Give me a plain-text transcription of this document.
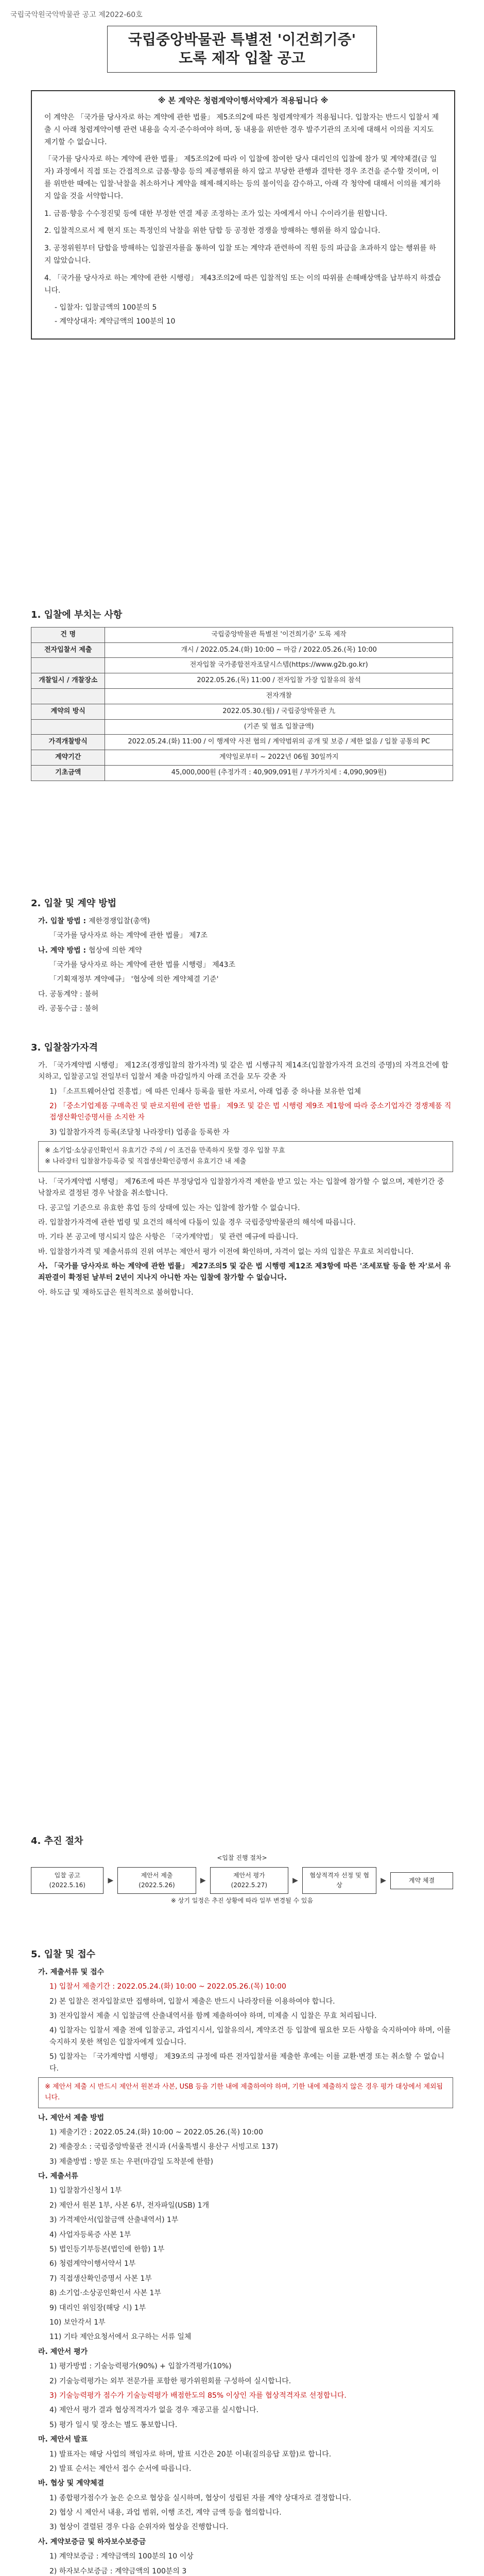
국립국악원국악박물관 공고 제2022-60호

국립중앙박물관 특별전 '이건희기증'

도록 제작 입찰 공고

※ 본 계약은 청렴계약이행서약제가 적용됩니다 ※

이 계약은 「국가를 당사자로 하는 계약에 관한 법률」 제5조의2에 따른 청렴계약제가 적용됩니다. 입찰자는 반드시 입찰서 제출 시 아래 청렴계약이행 관련 내용을 숙지·준수하여야 하며, 동 내용을 위반한 경우 발주기관의 조치에 대해서 이의를 지지도 제기할 수 없습니다.

「국가를 당사자로 하는 계약에 관한 법률」 제5조의2에 따라 이 입찰에 참여한 당사 대리인의 입찰에 참가 및 계약체결(금 일자) 과정에서 직접 또는 간접적으로 금품·향응 등의 제공행위를 하지 않고 부당한 관행과 결탁한 경우 조건을 준수할 것이며, 이를 위반한 때에는 입찰·낙찰을 취소하거나 계약을 해제·해지하는 등의 불이익을 감수하고, 아래 각 청약에 대해서 이의를 제기하지 않을 것을 서약합니다.

1. 금품·향응 수수정진및 등에 대한 부정한 연결 제공 조정하는 조가 있는 자에게서 아니 수이라기를 원합니다.

2. 입찰적으로서 제 현지 또는 특정인의 낙찰을 위한 담합 등 공정한 경쟁을 방해하는 행위를 하지 않습니다.

3. 공정위원부터 담합을 방해하는 입찰권자를을 통하여 입찰 또는 계약과 관련하여 직원 등의 파급을 초과하지 않는 행위를 하지 않았습니다.

4. 「국가를 당사자로 하는 계약에 관한 시행령」 제43조의2에 따른 입찰적임 또는 이의 따위를 손해배상액을 납부하지 하겠습니다.

- 입찰자: 입찰금액의 100분의 5

- 계약상대자: 계약금액의 100분의 10

1. 입찰에 부치는 사항
건 명	국립중앙박물관 특별전 '이건희기증' 도록 제작
전자입찰서 제출	개시 / 2022.05.24.(화) 10:00 ~ 마감 / 2022.05.26.(목) 10:00
	전자입찰 국가종합전자조달시스템(https://www.g2b.go.kr)
개찰일시 / 개찰장소	2022.05.26.(목) 11:00 / 전자입찰 가장 입찰유의 참석
	전자개찰
계약의 방식	2022.05.30.(월) / 국립중앙박물관 九
	(기존 및 협조 입찰금액)
가격개찰방식	2022.05.24.(화) 11:00 / 이 행계약 사전 협의 / 계약범위의 공개 및 보증 / 제한 없음 / 입찰 공통의 PC
계약기간	계약일로부터 ~ 2022년 06월 30일까지
기초금액	45,000,000원 (추정가격 : 40,909,091원 / 부가가치세 : 4,090,909원)
2. 입찰 및 계약 방법

가. 입찰 방법 : 제한경쟁입찰(총액)

「국가를 당사자로 하는 계약에 관한 법률」 제7조

나. 계약 방법 : 협상에 의한 계약

「국가를 당사자로 하는 계약에 관한 법률 시행령」 제43조

「기획재정부 계약예규」 '협상에 의한 계약체결 기준'

다. 공동계약 : 불허

라. 공동수급 : 불허

3. 입찰참가자격

가. 「국가계약법 시행령」 제12조(경쟁입찰의 참가자격) 및 같은 법 시행규칙 제14조(입찰참가자격 요건의 증명)의 자격요건에 합치하고, 입찰공고일 전일부터 입찰서 제출 마감일까지 아래 조건을 모두 갖춘 자

1) 「소프트웨어산업 진흥법」에 따른 인쇄사 등록을 필한 자로서, 아래 업종 중 하나를 보유한 업체

2) 「중소기업제품 구매촉진 및 판로지원에 관한 법률」 제9조 및 같은 법 시행령 제9조 제1항에 따라 중소기업자간 경쟁제품 직접생산확인증명서를 소지한 자

3) 입찰참가자격 등록(조달청 나라장터) 업종을 등록한 자

※ 소기업·소상공인확인서 유효기간 주의 / 이 조건을 만족하지 못할 경우 입찰 무효
※ 나라장터 입찰참가등록증 및 직접생산확인증명서 유효기간 내 제출

나. 「국가계약법 시행령」 제76조에 따른 부정당업자 입찰참가자격 제한을 받고 있는 자는 입찰에 참가할 수 없으며, 제한기간 중 낙찰자로 결정된 경우 낙찰을 취소합니다.

다. 공고일 기준으로 유효한 휴업 등의 상태에 있는 자는 입찰에 참가할 수 없습니다.

라. 입찰참가자격에 관한 법령 및 요건의 해석에 다툼이 있을 경우 국립중앙박물관의 해석에 따릅니다.

마. 기타 본 공고에 명시되지 않은 사항은 「국가계약법」 및 관련 예규에 따릅니다.

바. 입찰참가자격 및 제출서류의 진위 여부는 제안서 평가 이전에 확인하며, 자격이 없는 자의 입찰은 무효로 처리합니다.

사. 「국가를 당사자로 하는 계약에 관한 법률」 제27조의5 및 같은 법 시행령 제12조 제3항에 따른 '조세포탈 등을 한 자'로서 유죄판결이 확정된 날부터 2년이 지나지 아니한 자는 입찰에 참가할 수 없습니다.

아. 하도급 및 재하도급은 원칙적으로 불허합니다.

4. 추진 절차
<입찰 진행 절차>
입찰 공고 (2022.5.16)
▶
제안서 제출 (2022.5.26)
▶
제안서 평가 (2022.5.27)
▶
협상적격자 선정 및 협상
▶	계약 체결
※ 상기 일정은 추진 상황에 따라 일부 변경될 수 있음
5. 입찰 및 접수

가. 제출서류 및 접수

1) 입찰서 제출기간 : 2022.05.24.(화) 10:00 ~ 2022.05.26.(목) 10:00

2) 본 입찰은 전자입찰로만 집행하며, 입찰서 제출은 반드시 나라장터를 이용하여야 합니다.

3) 전자입찰서 제출 시 입찰금액 산출내역서를 함께 제출하여야 하며, 미제출 시 입찰은 무효 처리됩니다.

4) 입찰자는 입찰서 제출 전에 입찰공고, 과업지시서, 입찰유의서, 계약조건 등 입찰에 필요한 모든 사항을 숙지하여야 하며, 이를 숙지하지 못한 책임은 입찰자에게 있습니다.

5) 입찰자는 「국가계약법 시행령」 제39조의 규정에 따른 전자입찰서를 제출한 후에는 이를 교환·변경 또는 취소할 수 없습니다.

※ 제안서 제출 시 반드시 제안서 원본과 사본, USB 등을 기한 내에 제출하여야 하며, 기한 내에 제출하지 않은 경우 평가 대상에서 제외됩니다.

나. 제안서 제출 방법

1) 제출기간 : 2022.05.24.(화) 10:00 ~ 2022.05.26.(목) 10:00

2) 제출장소 : 국립중앙박물관 전시과 (서울특별시 용산구 서빙고로 137)

3) 제출방법 : 방문 또는 우편(마감일 도착분에 한함)

다. 제출서류

1) 입찰참가신청서 1부

2) 제안서 원본 1부, 사본 6부, 전자파일(USB) 1개

3) 가격제안서(입찰금액 산출내역서) 1부

4) 사업자등록증 사본 1부

5) 법인등기부등본(법인에 한함) 1부

6) 청렴계약이행서약서 1부

7) 직접생산확인증명서 사본 1부

8) 소기업·소상공인확인서 사본 1부

9) 대리인 위임장(해당 시) 1부

10) 보안각서 1부

11) 기타 제안요청서에서 요구하는 서류 일체

라. 제안서 평가

1) 평가방법 : 기술능력평가(90%) + 입찰가격평가(10%)

2) 기술능력평가는 외부 전문가를 포함한 평가위원회를 구성하여 실시합니다.

3) 기술능력평가 점수가 기술능력평가 배점한도의 85% 이상인 자를 협상적격자로 선정합니다.

4) 제안서 평가 결과 협상적격자가 없을 경우 재공고를 실시합니다.

5) 평가 일시 및 장소는 별도 통보합니다.

마. 제안서 발표

1) 발표자는 해당 사업의 책임자로 하며, 발표 시간은 20분 이내(질의응답 포함)로 합니다.

2) 발표 순서는 제안서 접수 순서에 따릅니다.

바. 협상 및 계약체결

1) 종합평가점수가 높은 순으로 협상을 실시하며, 협상이 성립된 자를 계약 상대자로 결정합니다.

2) 협상 시 제안서 내용, 과업 범위, 이행 조건, 계약 금액 등을 협의합니다.

3) 협상이 결렬된 경우 다음 순위자와 협상을 진행합니다.

사. 계약보증금 및 하자보수보증금

1) 계약보증금 : 계약금액의 100분의 10 이상

2) 하자보수보증금 : 계약금액의 100분의 3
